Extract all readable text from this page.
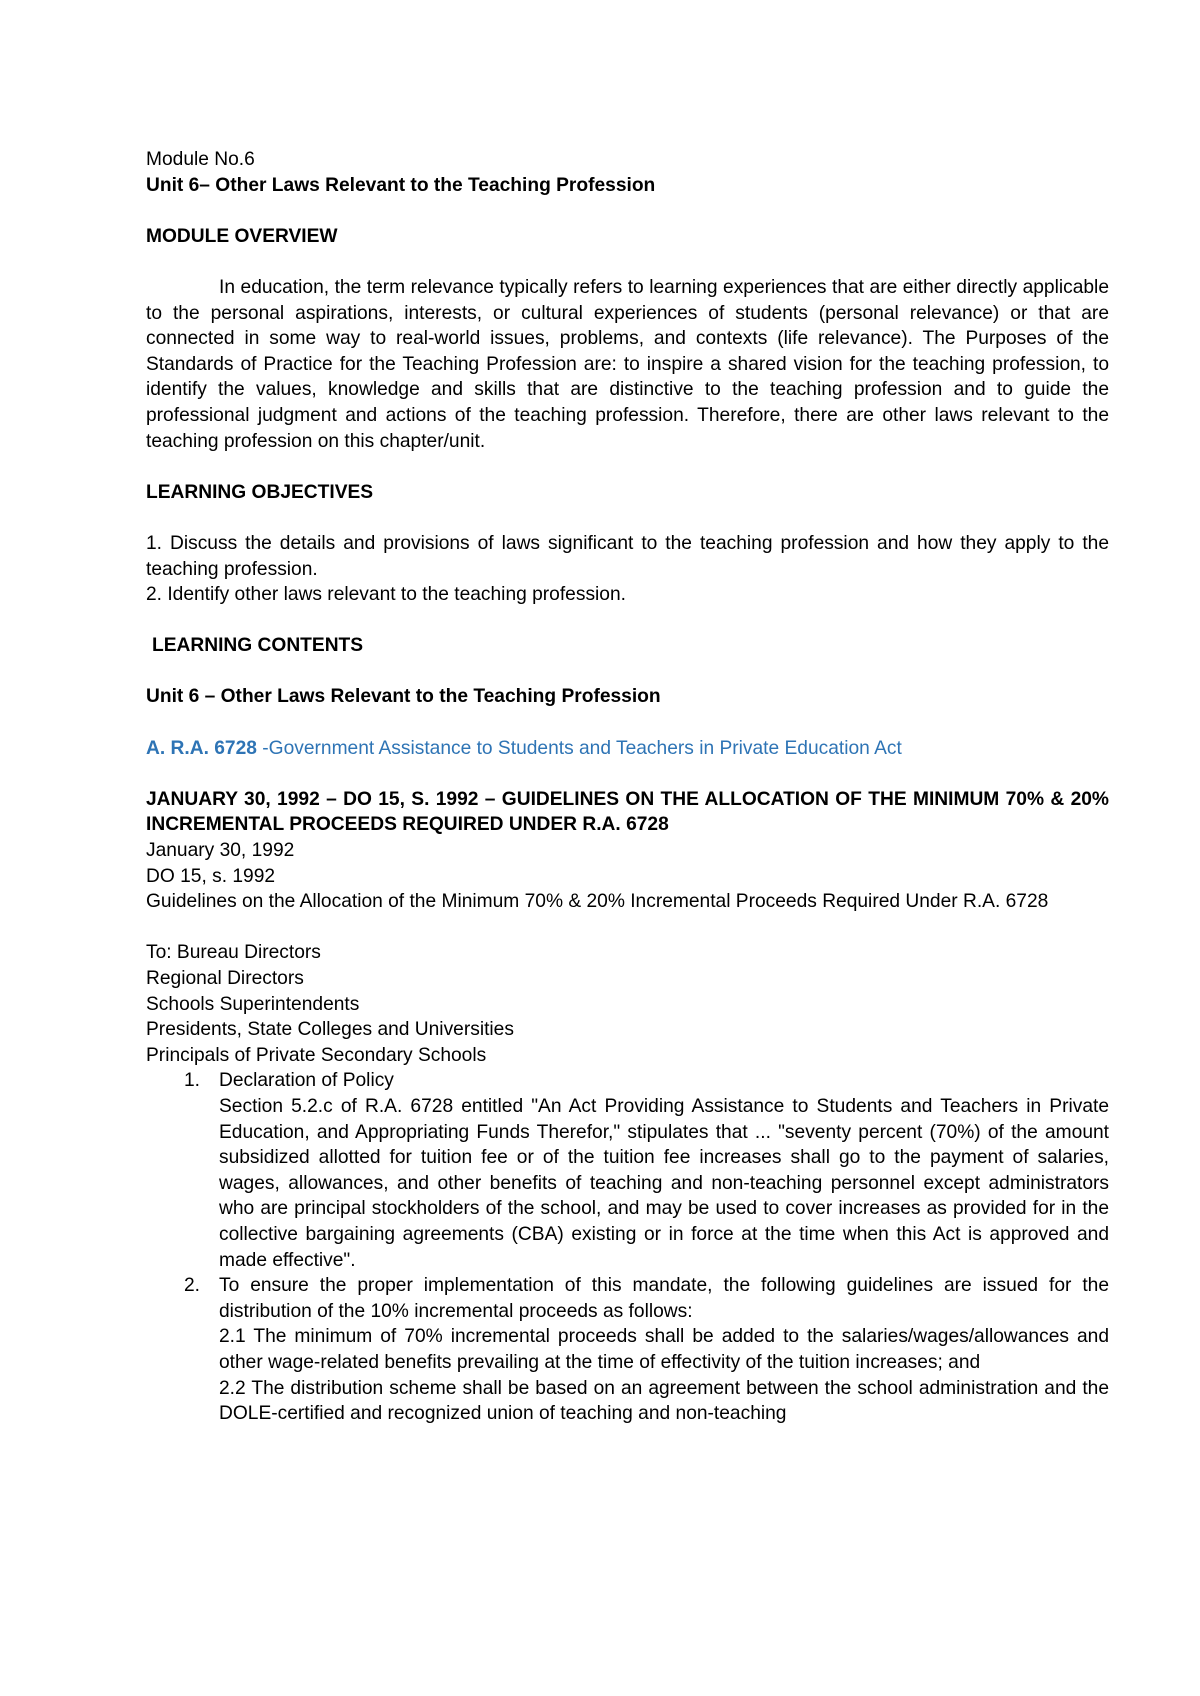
Module No.6

Unit 6– Other Laws Relevant to the Teaching Profession

MODULE OVERVIEW

In education, the term relevance typically refers to learning experiences that are either directly applicable to the personal aspirations, interests, or cultural experiences of students (personal relevance) or that are connected in some way to real-world issues, problems, and contexts (life relevance). The Purposes of the Standards of Practice for the Teaching Profession are: to inspire a shared vision for the teaching profession, to identify the values, knowledge and skills that are distinctive to the teaching profession and to guide the professional judgment and actions of the teaching profession. Therefore, there are other laws relevant to the teaching profession on this chapter/unit.

LEARNING OBJECTIVES

1. Discuss the details and provisions of laws significant to the teaching profession and how they apply to the teaching profession.

2. Identify other laws relevant to the teaching profession.

LEARNING CONTENTS

Unit 6 – Other Laws Relevant to the Teaching Profession

A. R.A. 6728 -Government Assistance to Students and Teachers in Private Education Act

JANUARY 30, 1992 – DO 15, S. 1992 – GUIDELINES ON THE ALLOCATION OF THE MINIMUM 70% & 20% INCREMENTAL PROCEEDS REQUIRED UNDER R.A. 6728

January 30, 1992

DO 15, s. 1992

Guidelines on the Allocation of the Minimum 70% & 20% Incremental Proceeds Required Under R.A. 6728

To: Bureau Directors

Regional Directors

Schools Superintendents

Presidents, State Colleges and Universities

Principals of Private Secondary Schools

1. Declaration of Policy

Section 5.2.c of R.A. 6728 entitled "An Act Providing Assistance to Students and Teachers in Private Education, and Appropriating Funds Therefor," stipulates that ... "seventy percent (70%) of the amount subsidized allotted for tuition fee or of the tuition fee increases shall go to the payment of salaries, wages, allowances, and other benefits of teaching and non-teaching personnel except administrators who are principal stockholders of the school, and may be used to cover increases as provided for in the collective bargaining agreements (CBA) existing or in force at the time when this Act is approved and made effective".

2. To ensure the proper implementation of this mandate, the following guidelines are issued for the distribution of the 10% incremental proceeds as follows:

2.1 The minimum of 70% incremental proceeds shall be added to the salaries/wages/allowances and other wage-related benefits prevailing at the time of effectivity of the tuition increases; and

2.2 The distribution scheme shall be based on an agreement between the school administration and the DOLE-certified and recognized union of teaching and non-teaching
